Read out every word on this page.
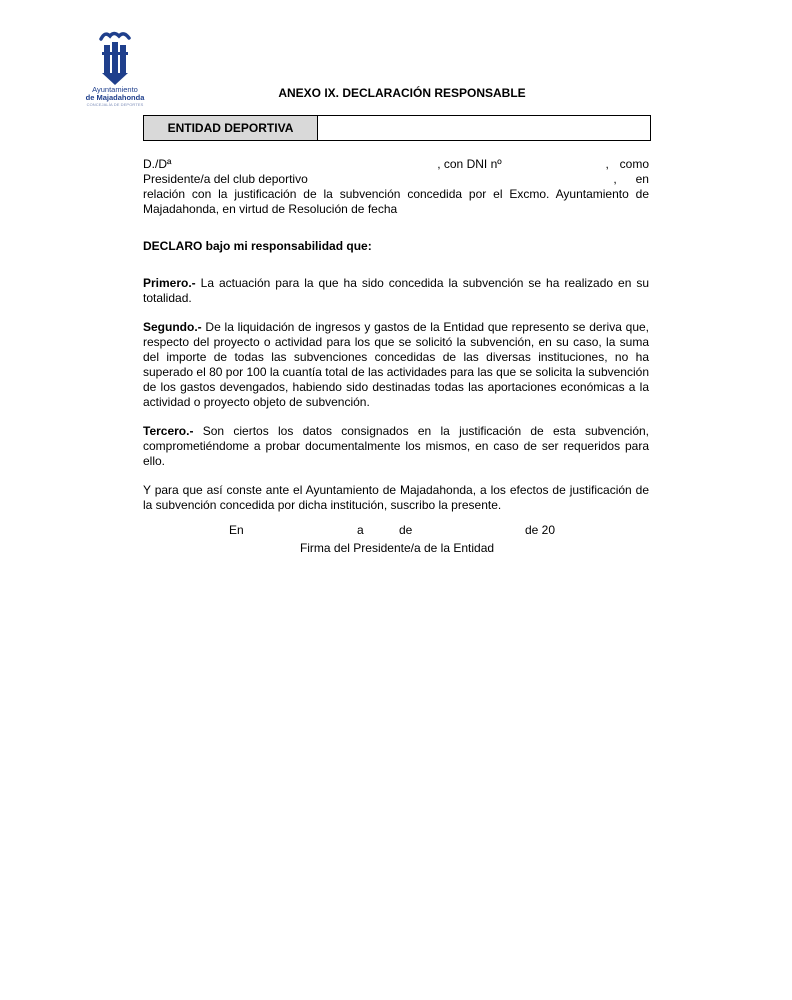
Ayuntamiento
de Majadahonda
CONCEJALÍA DE DEPORTES
ANEXO IX. DECLARACIÓN RESPONSABLE
ENTIDAD DEPORTIVA
D./Dª	, con DNI nº	, como
Presidente/a del club deportivo	,	en

relación con la justificación de la subvención concedida por el Excmo. Ayuntamiento de Majadahonda, en virtud de Resolución de fecha

DECLARO bajo mi responsabilidad que:

Primero.- La actuación para la que ha sido concedida la subvención se ha realizado en su totalidad.

Segundo.- De la liquidación de ingresos y gastos de la Entidad que represento se deriva que, respecto del proyecto o actividad para los que se solicitó la subvención, en su caso, la suma del importe de todas las subvenciones concedidas de las diversas instituciones, no ha superado el 80 por 100 la cuantía total de las actividades para las que se solicita la subvención de los gastos devengados, habiendo sido destinadas todas las aportaciones económicas a la actividad o proyecto objeto de subvención.

Tercero.- Son ciertos los datos consignados en la justificación de esta subvención, comprometiéndome a probar documentalmente los mismos, en caso de ser requeridos para ello.

Y para que así conste ante el Ayuntamiento de Majadahonda, a los efectos de justificación de la subvención concedida por dicha institución, suscribo la presente.

En	a	de	de 20
Firma del Presidente/a de la Entidad
